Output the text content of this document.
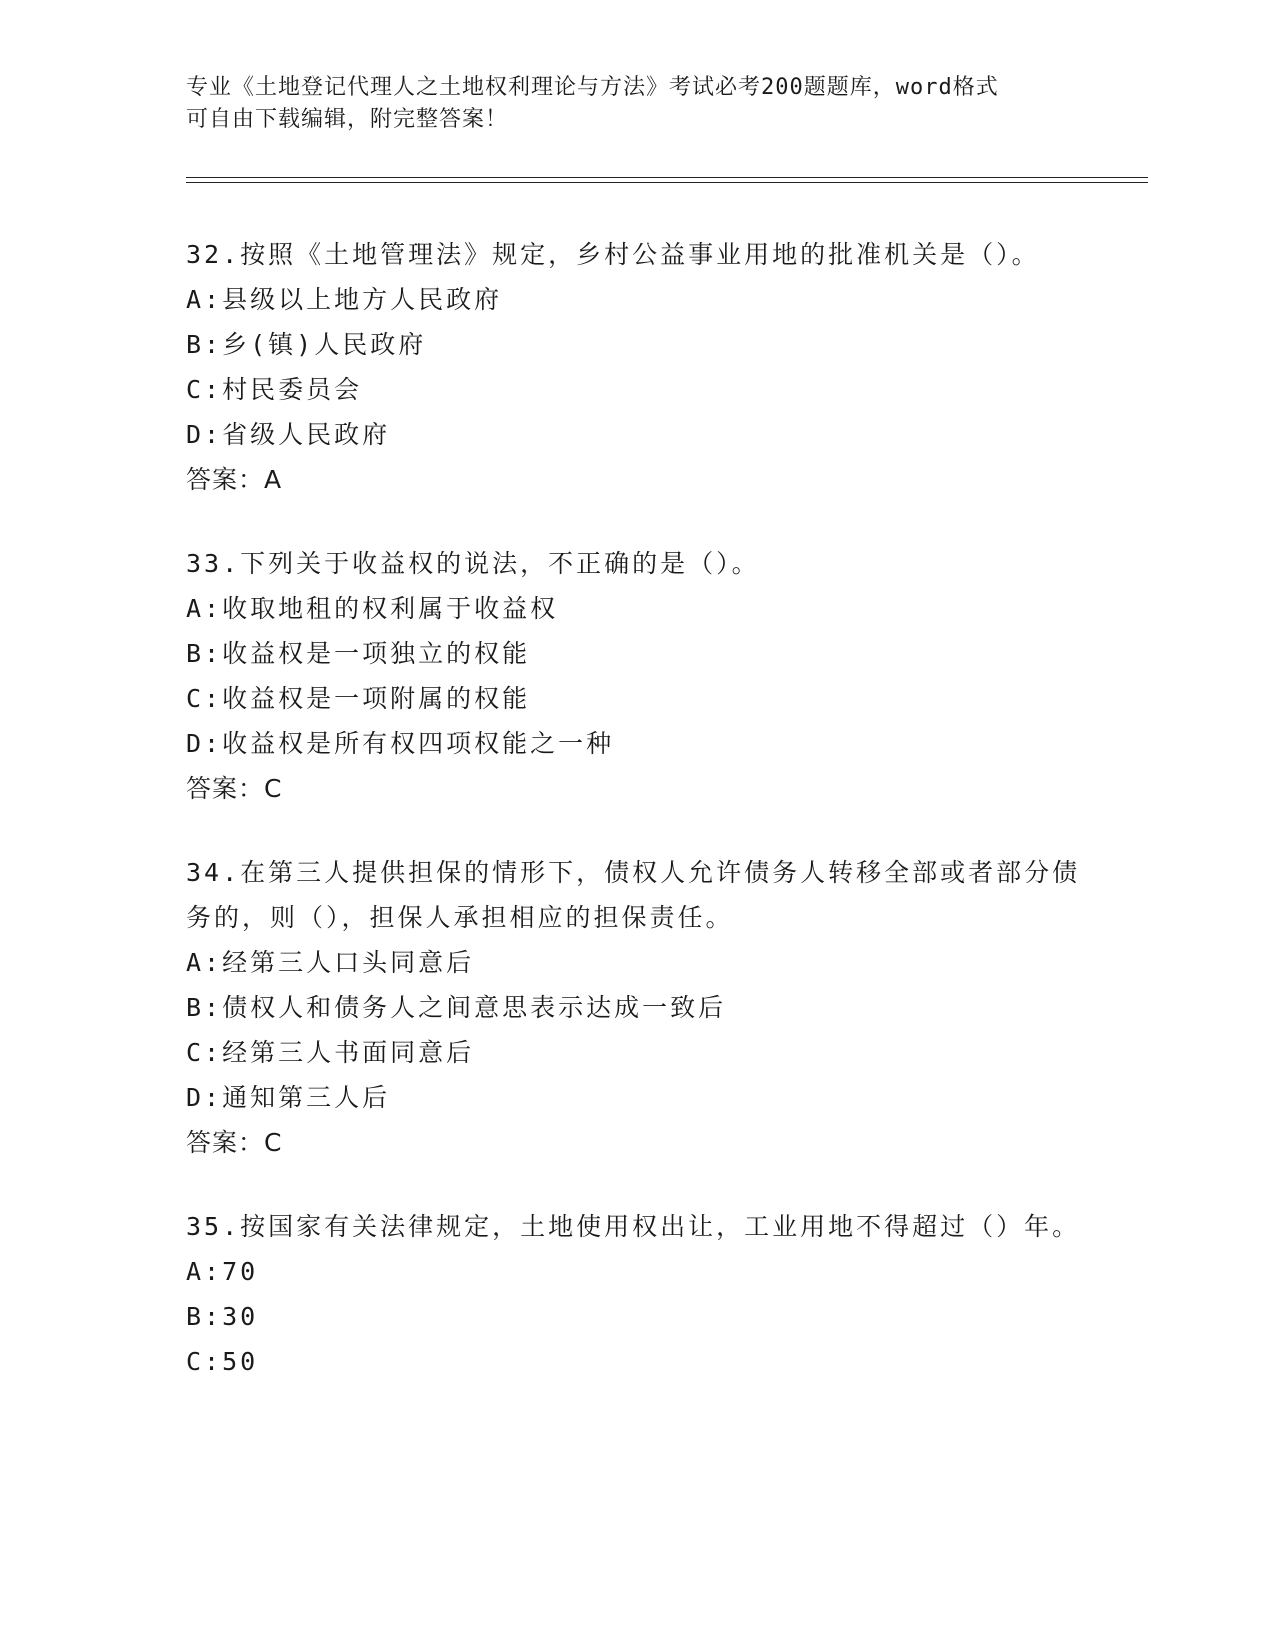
专业《土地登记代理人之土地权利理论与方法》考试必考200题题库，word格式
可自由下载编辑，附完整答案！
32.按照《土地管理法》规定，乡村公益事业用地的批准机关是（）。
A:县级以上地方人民政府
B:乡(镇)人民政府
C:村民委员会
D:省级人民政府
答案：A
33.下列关于收益权的说法，不正确的是（）。
A:收取地租的权利属于收益权
B:收益权是一项独立的权能
C:收益权是一项附属的权能
D:收益权是所有权四项权能之一种
答案：C
34.在第三人提供担保的情形下，债权人允许债务人转移全部或者部分债务的，则（），担保人承担相应的担保责任。
A:经第三人口头同意后
B:债权人和债务人之间意思表示达成一致后
C:经第三人书面同意后
D:通知第三人后
答案：C
35.按国家有关法律规定，土地使用权出让，工业用地不得超过（）年。
A:70
B:30
C:50
